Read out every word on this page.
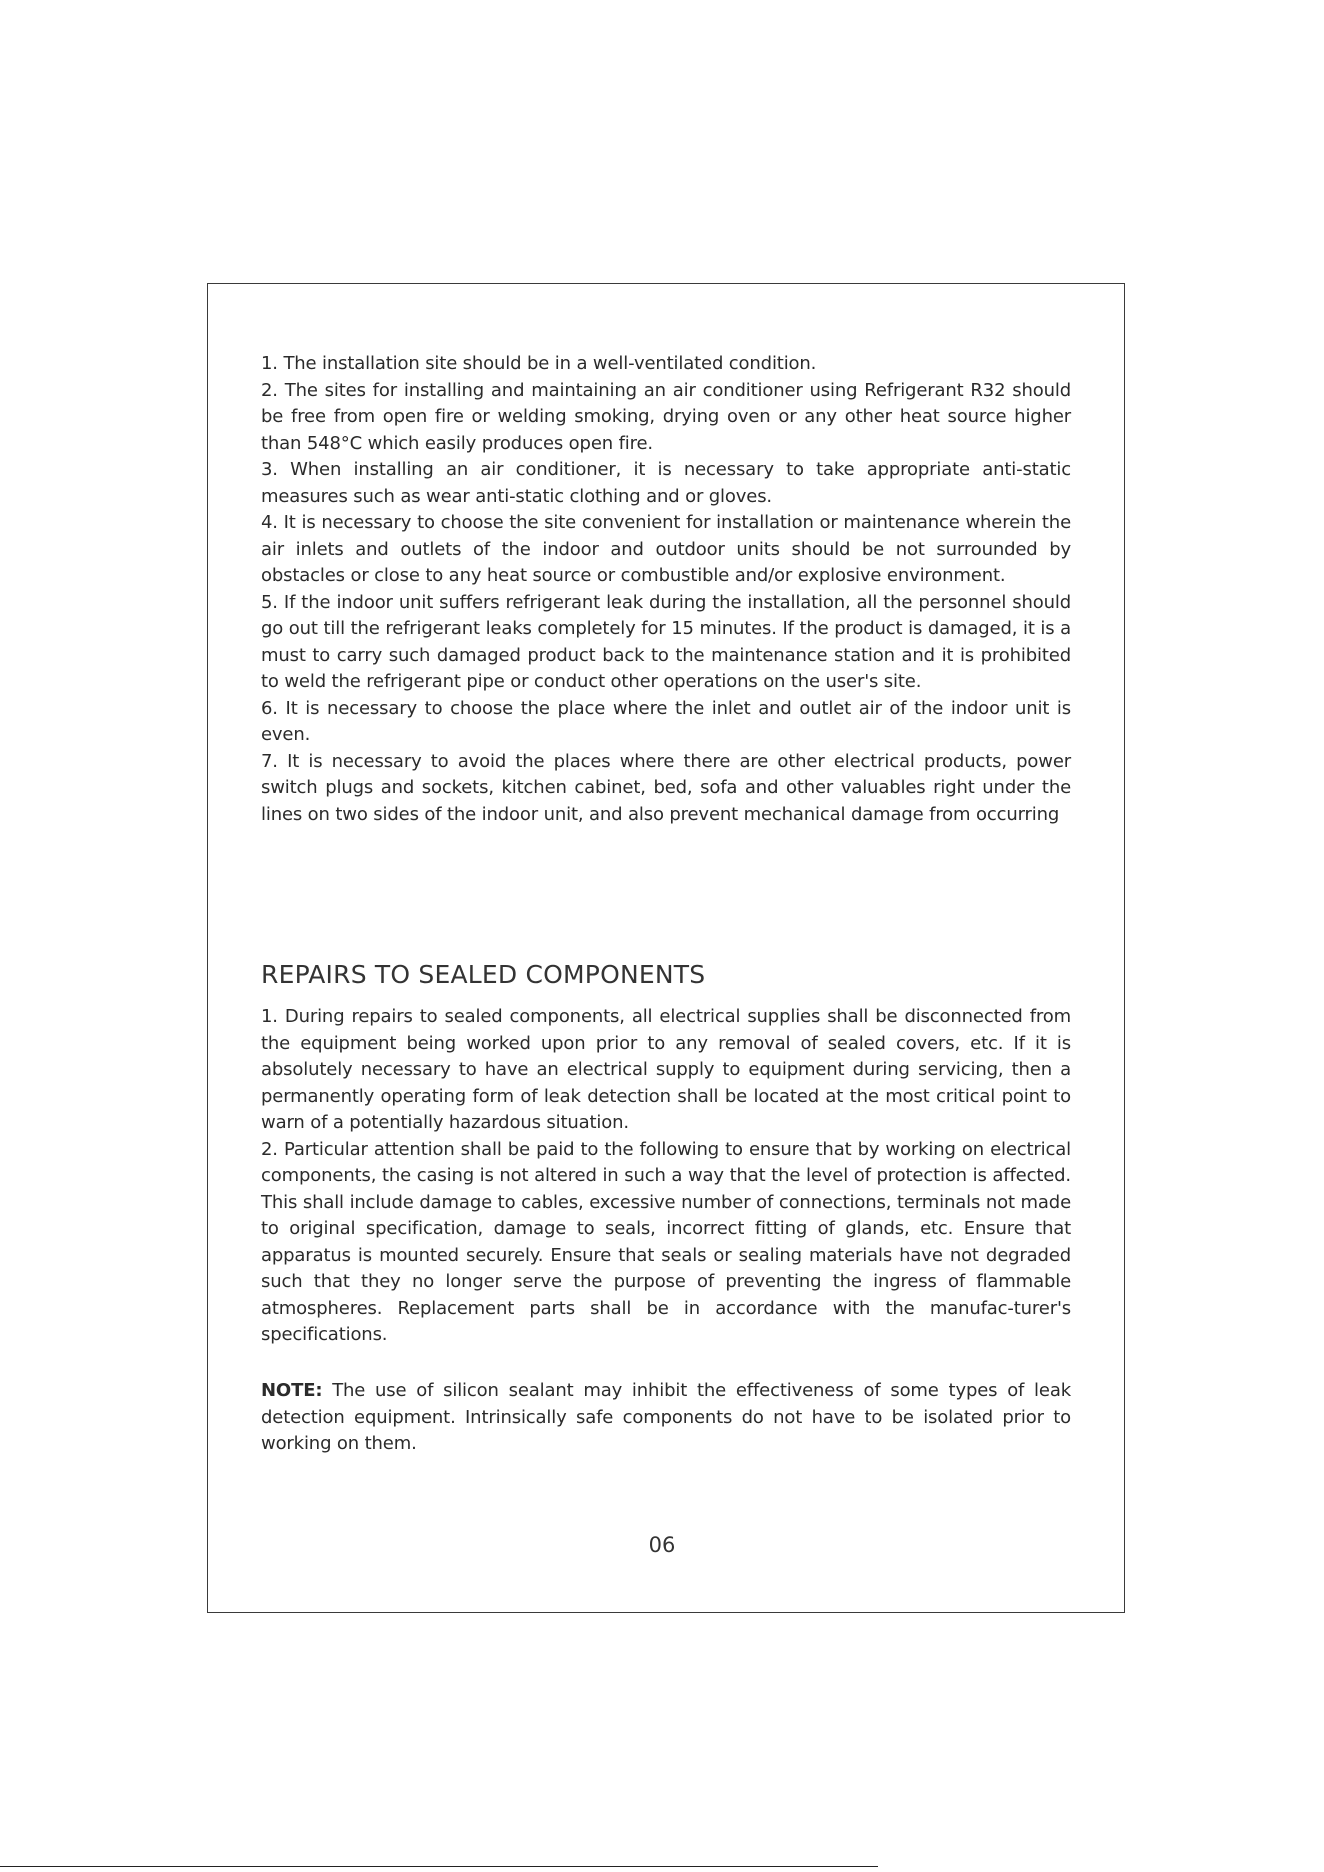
1. The installation site should be in a well-ventilated condition.

2. The sites for installing and maintaining an air conditioner using Refrigerant R32 should be free from open fire or welding smoking, drying oven or any other heat source higher than 548°C which easily produces open fire.

3. When installing an air conditioner, it is necessary to take appropriate anti-static measures such as wear anti-static clothing and or gloves.

4. It is necessary to choose the site convenient for installation or maintenance wherein the air inlets and outlets of the indoor and outdoor units should be not surrounded by obstacles or close to any heat source or combustible and/or explosive environment.

5. If the indoor unit suffers refrigerant leak during the installation, all the personnel should go out till the refrigerant leaks completely for 15 minutes. If the product is damaged, it is a must to carry such damaged product back to the maintenance station and it is prohibited to weld the refrigerant pipe or conduct other operations on the user's site.

6. It is necessary to choose the place where the inlet and outlet air of the indoor unit is even.

7. It is necessary to avoid the places where there are other electrical products, power switch plugs and sockets, kitchen cabinet, bed, sofa and other valuables right under the lines on two sides of the indoor unit, and also prevent mechanical damage from occurring

REPAIRS TO SEALED COMPONENTS

1. During repairs to sealed components, all electrical supplies shall be disconnected from the equipment being worked upon prior to any removal of sealed covers, etc. If it is absolutely necessary to have an electrical supply to equipment during servicing, then a permanently operating form of leak detection shall be located at the most critical point to warn of a potentially hazardous situation.

2. Particular attention shall be paid to the following to ensure that by working on electrical components, the casing is not altered in such a way that the level of protection is affected. This shall include damage to cables, excessive number of connections, terminals not made to original specification, damage to seals, incorrect fitting of glands, etc. Ensure that apparatus is mounted securely. Ensure that seals or sealing materials have not degraded such that they no longer serve the purpose of preventing the ingress of flammable atmospheres. Replacement parts shall be in accordance with the manufac-turer's specifications.

NOTE: The use of silicon sealant may inhibit the effectiveness of some types of leak detection equipment. Intrinsically safe components do not have to be isolated prior to working on them.

06
